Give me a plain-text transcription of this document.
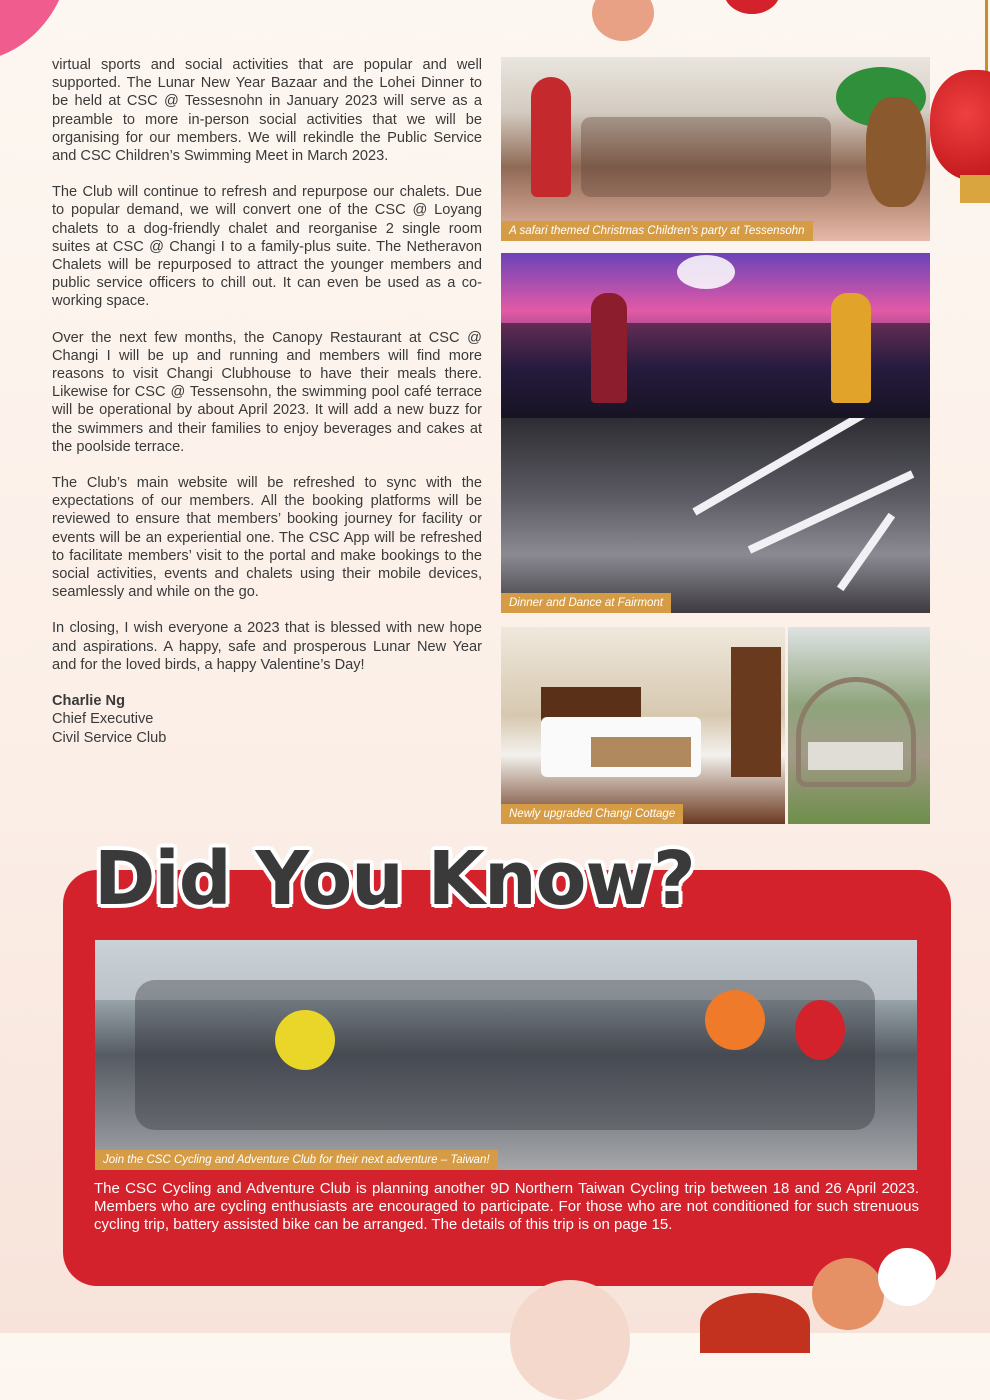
virtual sports and social activities that are popular and well supported. The Lunar New Year Bazaar and the Lohei Dinner to be held at CSC @ Tessesnohn in January 2023 will serve as a preamble to more in-person social activities that we will be organising for our members. We will rekindle the Public Service and CSC Children’s Swimming Meet in March 2023.

The Club will continue to refresh and repurpose our chalets. Due to popular demand, we will convert one of the CSC @ Loyang chalets to a dog-friendly chalet and reorganise 2 single room suites at CSC @ Changi I to a family-plus suite. The Netheravon Chalets will be repurposed to attract the younger members and public service officers to chill out. It can even be used as a co-working space.

Over the next few months, the Canopy Restaurant at CSC @ Changi I will be up and running and members will find more reasons to visit Changi Clubhouse to have their meals there. Likewise for CSC @ Tessensohn, the swimming pool café terrace will be operational by about April 2023. It will add a new buzz for the swimmers and their families to enjoy beverages and cakes at the poolside terrace.

The Club’s main website will be refreshed to sync with the expectations of our members. All the booking platforms will be reviewed to ensure that members’ booking journey for facility or events will be an experiential one. The CSC App will be refreshed to facilitate members’ visit to the portal and make bookings to the social activities, events and chalets using their mobile devices, seamlessly and while on the go.

In closing, I wish everyone a 2023 that is blessed with new hope and aspirations. A happy, safe and prosperous Lunar New Year and for the loved birds, a happy Valentine’s Day!

Charlie Ng
Chief Executive
Civil Service Club
A safari themed Christmas Children’s party at Tessensohn
Dinner and Dance at Fairmont
Newly upgraded Changi Cottage
Did You Know?
Join the CSC Cycling and Adventure Club for their next adventure – Taiwan!
The CSC Cycling and Adventure Club is planning another 9D Northern Taiwan Cycling trip between 18 and 26 April 2023. Members who are cycling enthusiasts are encouraged to participate. For those who are not conditioned for such strenuous cycling trip, battery assisted bike can be arranged. The details of this trip is on page 15.
